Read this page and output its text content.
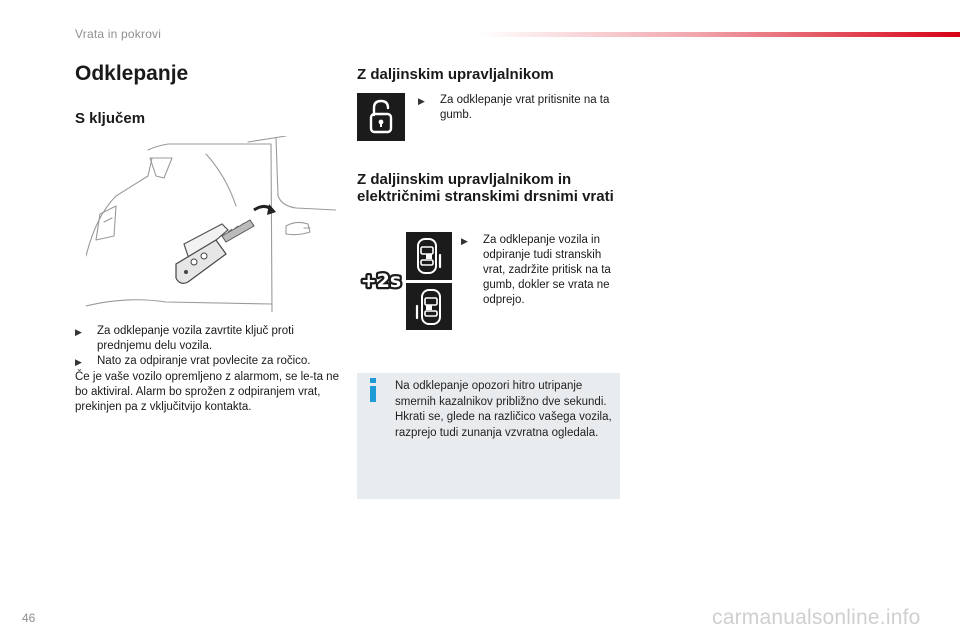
Vrata in pokrovi
Odklepanje
S ključem
▶	Za odklepanje vozila zavrtite ključ proti prednjemu delu vozila.
▶	Nato za odpiranje vrat povlecite za ročico.
Če je vaše vozilo opremljeno z alarmom, se le-ta ne bo aktiviral. Alarm bo sprožen z odpiranjem vrat, prekinjen pa z vključitvijo kontakta.
Z daljinskim upravljalnikom
▶	Za odklepanje vrat pritisnite na ta gumb.
Z daljinskim upravljalnikom in električnimi stranskimi drsnimi vrati
+2s
▶	Za odklepanje vozila in odpiranje tudi stranskih vrat, zadržite pritisk na ta gumb, dokler se vrata ne odprejo.
Na odklepanje opozori hitro utripanje smernih kazalnikov približno dve sekundi.
Hkrati se, glede na različico vašega vozila, razprejo tudi zunanja vzvratna ogledala.
46	carmanualsonline.info
